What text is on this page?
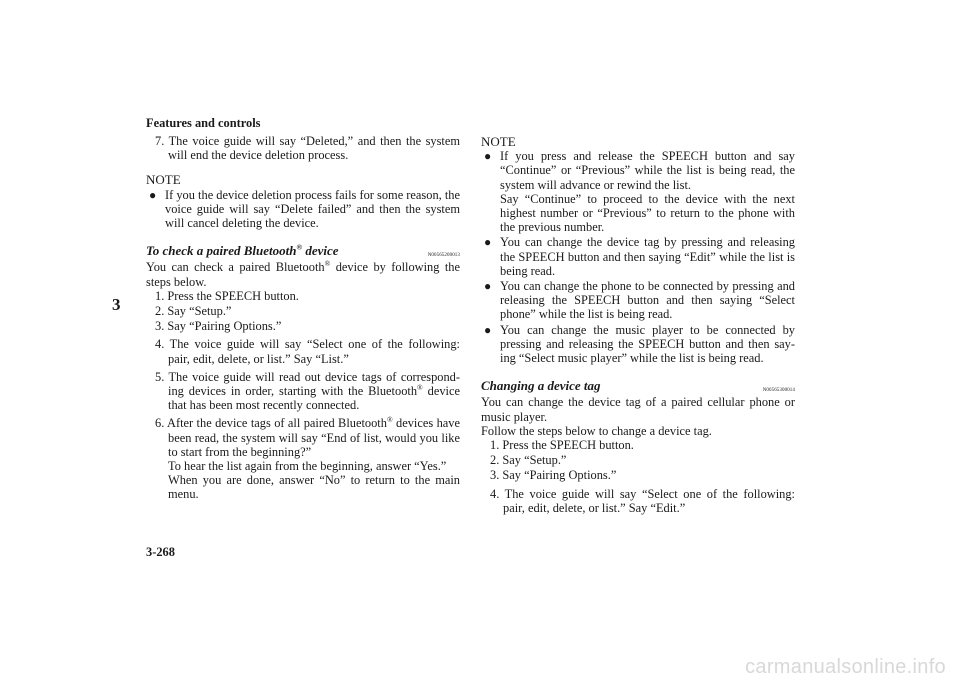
Features and controls
3

7. The voice guide will say “Deleted,” and then the system will end the device deletion process.

NOTE

● If you the device deletion process fails for some reason, the voice guide will say “Delete failed” and then the system will cancel deleting the device.

To check a paired Bluetooth® device	N00565200013

You can check a paired Bluetooth® device by following the steps below.

1. Press the SPEECH button.

2. Say “Setup.”

3. Say “Pairing Options.”

4. The voice guide will say “Select one of the following: pair, edit, delete, or list.” Say “List.”

5. The voice guide will read out device tags of correspond-ing devices in order, starting with the Bluetooth® device that has been most recently connected.

6. After the device tags of all paired Bluetooth® devices have been read, the system will say “End of list, would you like to start from the beginning?”
To hear the list again from the beginning, answer “Yes.”
When you are done, answer “No” to return to the main menu.

NOTE

● If you press and release the SPEECH button and say “Continue” or “Previous” while the list is being read, the system will advance or rewind the list.
Say “Continue” to proceed to the device with the next highest number or “Previous” to return to the phone with the previous number.

● You can change the device tag by pressing and releasing the SPEECH button and then saying “Edit” while the list is being read.

● You can change the phone to be connected by pressing and releasing the SPEECH button and then saying “Select phone” while the list is being read.

● You can change the music player to be connected by pressing and releasing the SPEECH button and then say-ing “Select music player” while the list is being read.

Changing a device tag	N00565300014

You can change the device tag of a paired cellular phone or music player.

Follow the steps below to change a device tag.

1. Press the SPEECH button.

2. Say “Setup.”

3. Say “Pairing Options.”

4. The voice guide will say “Select one of the following: pair, edit, delete, or list.” Say “Edit.”

3-268
carmanualsonline.info
